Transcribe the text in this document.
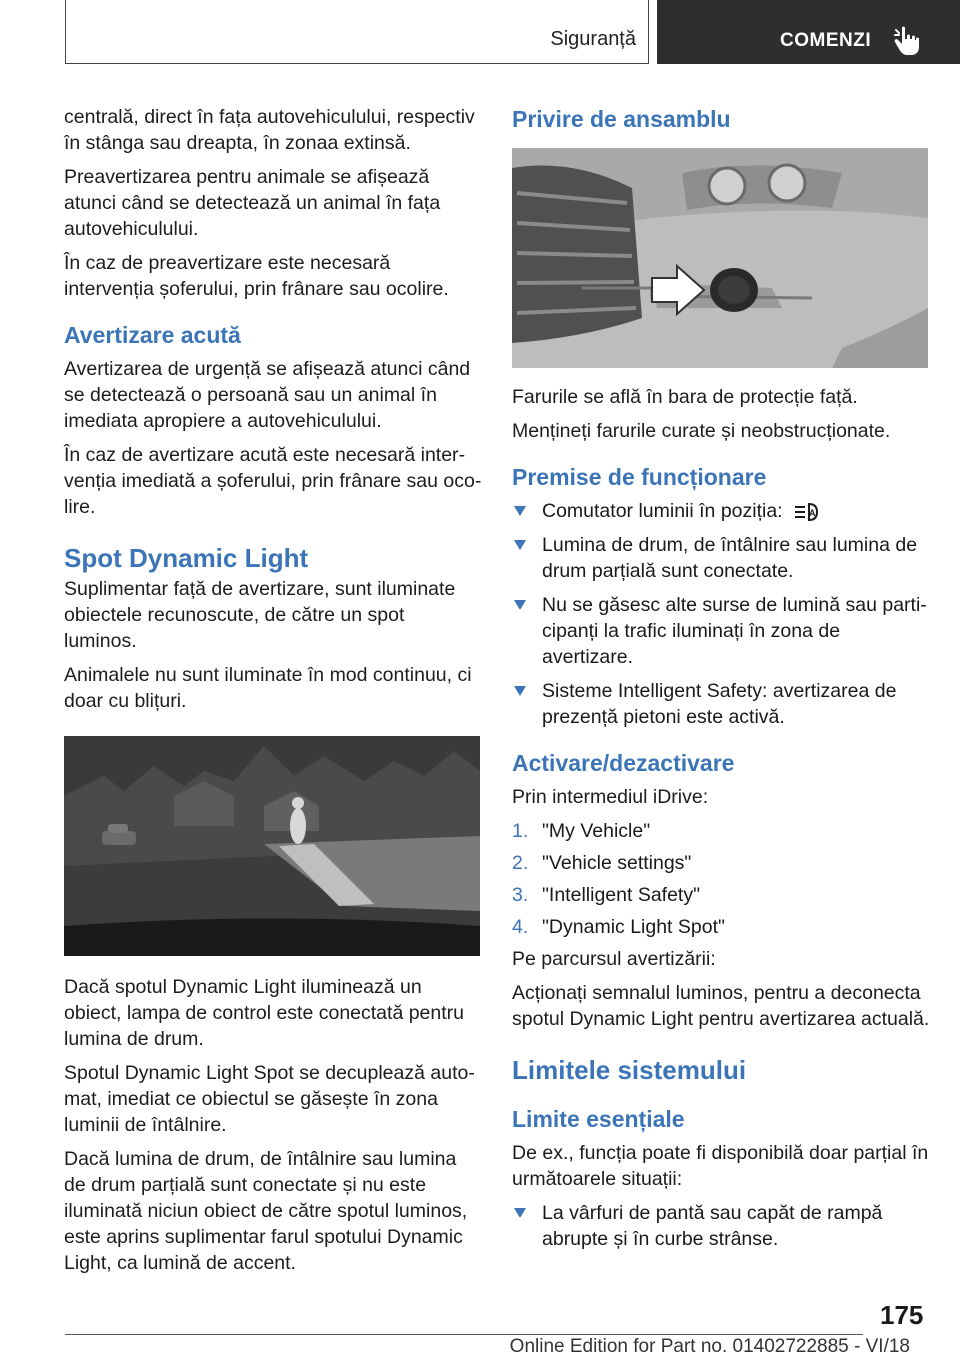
Siguranță	COMENZI

centrală, direct în fața autovehiculului, respectiv în stânga sau dreapta, în zonaa extinsă.

Preavertizarea pentru animale se afișează atunci când se detectează un animal în fața autovehiculului.

În caz de preavertizare este necesară intervenția șoferului, prin frânare sau ocolire.

Avertizare acută

Avertizarea de urgență se afișează atunci când se detectează o persoană sau un animal în imediata apropiere a autovehiculului.

În caz de avertizare acută este necesară intervenția imediată a șoferului, prin frânare sau ocolire.

Spot Dynamic Light

Suplimentar față de avertizare, sunt iluminate obiectele recunoscute, de către un spot luminos.

Animalele nu sunt iluminate în mod continuu, ci doar cu blițuri.

Dacă spotul Dynamic Light iluminează un obiect, lampa de control este conectată pentru lumina de drum.

Spotul Dynamic Light Spot se decuplează automat, imediat ce obiectul se găsește în zona luminii de întâlnire.

Dacă lumina de drum, de întâlnire sau lumina de drum parțială sunt conectate și nu este iluminată niciun obiect de către spotul luminos, este aprins suplimentar farul spotului Dynamic Light, ca lumină de accent.

Privire de ansamblu

Farurile se află în bara de protecție față.

Mențineți farurile curate și neobstrucționate.

Premise de funcționare
Comutator luminii în poziția:	A
Lumina de drum, de întâlnire sau lumina de drum parțială sunt conectate.
Nu se găsesc alte surse de lumină sau participanți la trafic iluminați în zona de avertizare.
Sisteme Intelligent Safety: avertizarea de prezență pietoni este activă.
Activare/dezactivare

Prin intermediul iDrive:

1. "My Vehicle"
2. "Vehicle settings"
3. "Intelligent Safety"
4. "Dynamic Light Spot"

Pe parcursul avertizării:

Acționați semnalul luminos, pentru a deconecta spotul Dynamic Light pentru avertizarea actuală.

Limitele sistemului
Limite esențiale

De ex., funcția poate fi disponibilă doar parțial în următoarele situații:

La vârfuri de pantă sau capăt de rampă abrupte și în curbe strânse.
175
Online Edition for Part no. 01402722885 - VI/18
